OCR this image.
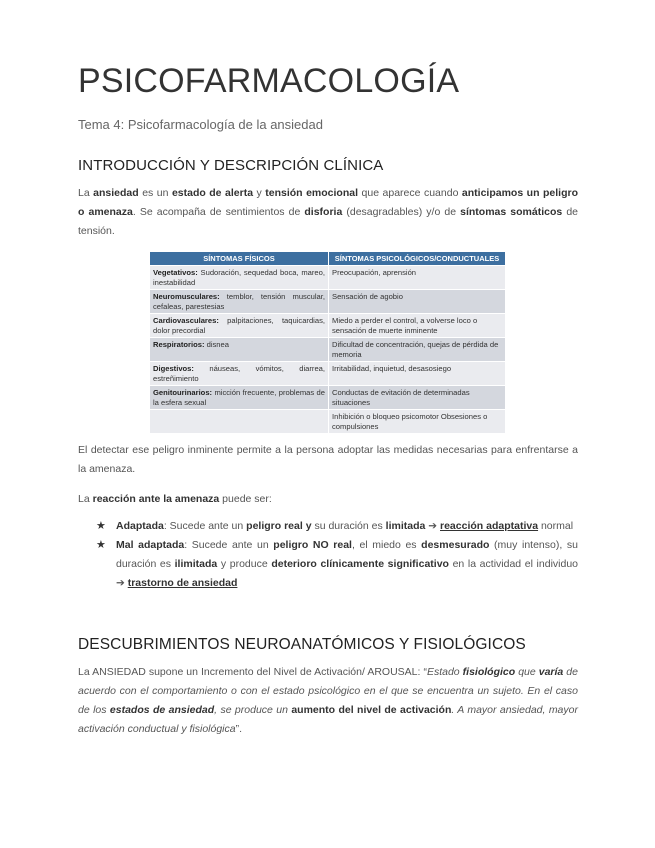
PSICOFARMACOLOGÍA
Tema 4: Psicofarmacología de la ansiedad
INTRODUCCIÓN Y DESCRIPCIÓN CLÍNICA

La ansiedad es un estado de alerta y tensión emocional que aparece cuando anticipamos un peligro o amenaza. Se acompaña de sentimientos de disforia (desagradables) y/o de síntomas somáticos de tensión.

SÍNTOMAS FÍSICOS	SÍNTOMAS PSICOLÓGICOS/CONDUCTUALES
Vegetativos: Sudoración, sequedad boca, mareo, inestabilidad	Preocupación, aprensión
Neuromusculares: temblor, tensión muscular, cefaleas, parestesias	Sensación de agobio
Cardiovasculares: palpitaciones, taquicardias, dolor precordial	Miedo a perder el control, a volverse loco o sensación de muerte inminente
Respiratorios: disnea	Dificultad de concentración, quejas de pérdida de memoria
Digestivos: náuseas, vómitos, diarrea, estreñimiento	Irritabilidad, inquietud, desasosiego
Genitourinarios: micción frecuente, problemas de la esfera sexual	Conductas de evitación de determinadas situaciones
	Inhibición o bloqueo psicomotor Obsesiones o compulsiones

El detectar ese peligro inminente permite a la persona adoptar las medidas necesarias para enfrentarse a la amenaza.

La reacción ante la amenaza puede ser:

★ Adaptada: Sucede ante un peligro real y su duración es limitada ➔ reacción adaptativa normal
★ Mal adaptada: Sucede ante un peligro NO real, el miedo es desmesurado (muy intenso), su duración es ilimitada y produce deterioro clínicamente significativo en la actividad el individuo ➔ trastorno de ansiedad
DESCUBRIMIENTOS NEUROANATÓMICOS Y FISIOLÓGICOS

La ANSIEDAD supone un Incremento del Nivel de Activación/ AROUSAL: “Estado fisiológico que varía de acuerdo con el comportamiento o con el estado psicológico en el que se encuentra un sujeto. En el caso de los estados de ansiedad, se produce un aumento del nivel de activación. A mayor ansiedad, mayor activación conductual y fisiológica”.
